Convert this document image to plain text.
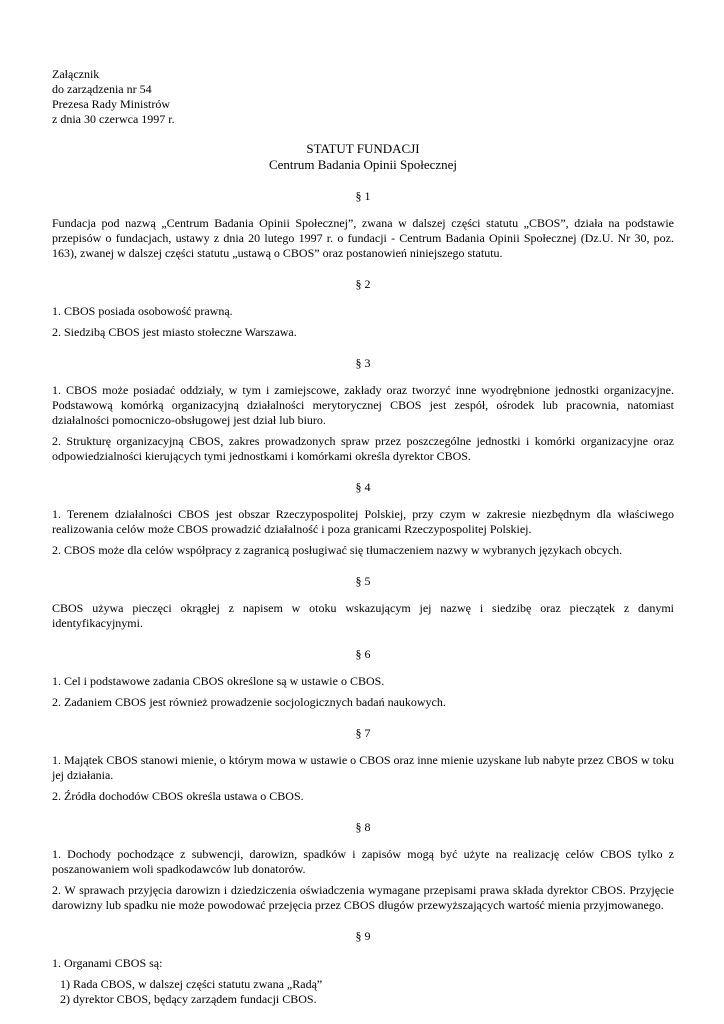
Załącznik
do zarządzenia nr 54
Prezesa Rady Ministrów
z dnia 30 czerwca 1997 r.
STATUT FUNDACJI
Centrum Badania Opinii Społecznej
§ 1

Fundacja pod nazwą „Centrum Badania Opinii Społecznej”, zwana w dalszej części statutu „CBOS”, działa na podstawie przepisów o fundacjach, ustawy z dnia 20 lutego 1997 r. o fundacji - Centrum Badania Opinii Społecznej (Dz.U. Nr 30, poz. 163), zwanej w dalszej części statutu „ustawą o CBOS” oraz postanowień niniejszego statutu.

§ 2

1. CBOS posiada osobowość prawną.

2. Siedzibą CBOS jest miasto stołeczne Warszawa.

§ 3

1. CBOS może posiadać oddziały, w tym i zamiejscowe, zakłady oraz tworzyć inne wyodrębnione jednostki organizacyjne. Podstawową komórką organizacyjną działalności merytorycznej CBOS jest zespół, ośrodek lub pracownia, natomiast działalności pomocniczo-obsługowej jest dział lub biuro.

2. Strukturę organizacyjną CBOS, zakres prowadzonych spraw przez poszczególne jednostki i komórki organizacyjne oraz odpowiedzialności kierujących tymi jednostkami i komórkami określa dyrektor CBOS.

§ 4

1. Terenem działalności CBOS jest obszar Rzeczypospolitej Polskiej, przy czym w zakresie niezbędnym dla właściwego realizowania celów może CBOS prowadzić działalność i poza granicami Rzeczypospolitej Polskiej.

2. CBOS może dla celów współpracy z zagranicą posługiwać się tłumaczeniem nazwy w wybranych językach obcych.

§ 5

CBOS używa pieczęci okrągłej z napisem w otoku wskazującym jej nazwę i siedzibę oraz pieczątek z danymi identyfikacyjnymi.

§ 6

1. Cel i podstawowe zadania CBOS określone są w ustawie o CBOS.

2. Zadaniem CBOS jest również prowadzenie socjologicznych badań naukowych.

§ 7

1. Majątek CBOS stanowi mienie, o którym mowa w ustawie o CBOS oraz inne mienie uzyskane lub nabyte przez CBOS w toku jej działania.

2. Źródła dochodów CBOS określa ustawa o CBOS.

§ 8

1. Dochody pochodzące z subwencji, darowizn, spadków i zapisów mogą być użyte na realizację celów CBOS tylko z poszanowaniem woli spadkodawców lub donatorów.

2. W sprawach przyjęcia darowizn i dziedziczenia oświadczenia wymagane przepisami prawa składa dyrektor CBOS. Przyjęcie darowizny lub spadku nie może powodować przejęcia przez CBOS długów przewyższających wartość mienia przyjmowanego.

§ 9

1. Organami CBOS są:

1) Rada CBOS, w dalszej części statutu zwana „Radą”
2) dyrektor CBOS, będący zarządem fundacji CBOS.
